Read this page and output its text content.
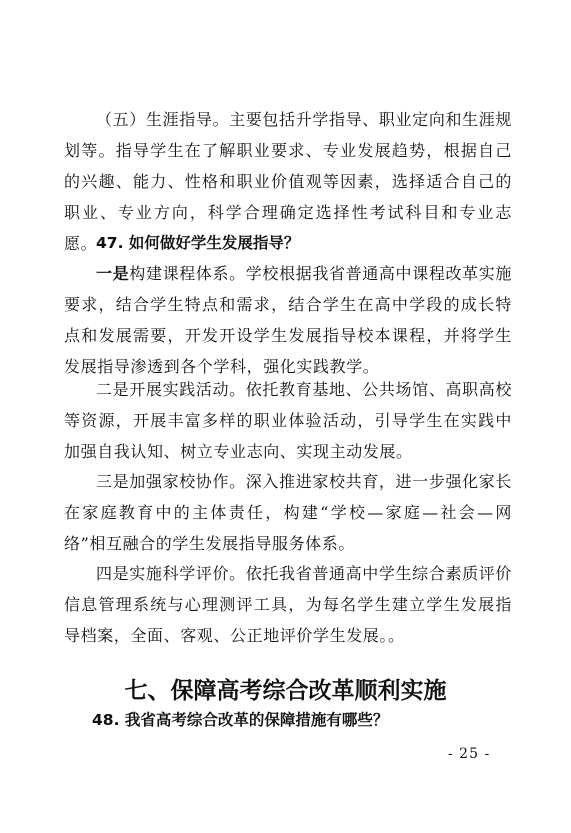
（五）生涯指导。主要包括升学指导、职业定向和生涯规划等。指导学生在了解职业要求、专业发展趋势，根据自己的兴趣、能力、性格和职业价值观等因素，选择适合自己的职业、专业方向，科学合理确定选择性考试科目和专业志愿。

47. 如何做好学生发展指导？

一是构建课程体系。学校根据我省普通高中课程改革实施要求，结合学生特点和需求，结合学生在高中学段的成长特点和发展需要，开发开设学生发展指导校本课程，并将学生发展指导渗透到各个学科，强化实践教学。

二是开展实践活动。依托教育基地、公共场馆、高职高校等资源，开展丰富多样的职业体验活动，引导学生在实践中加强自我认知、树立专业志向、实现主动发展。

三是加强家校协作。深入推进家校共育，进一步强化家长在家庭教育中的主体责任，构建“学校—家庭—社会—网络”相互融合的学生发展指导服务体系。

四是实施科学评价。依托我省普通高中学生综合素质评价信息管理系统与心理测评工具，为每名学生建立学生发展指导档案，全面、客观、公正地评价学生发展。。

七、保障高考综合改革顺利实施

48. 我省高考综合改革的保障措施有哪些？

- 25 -
